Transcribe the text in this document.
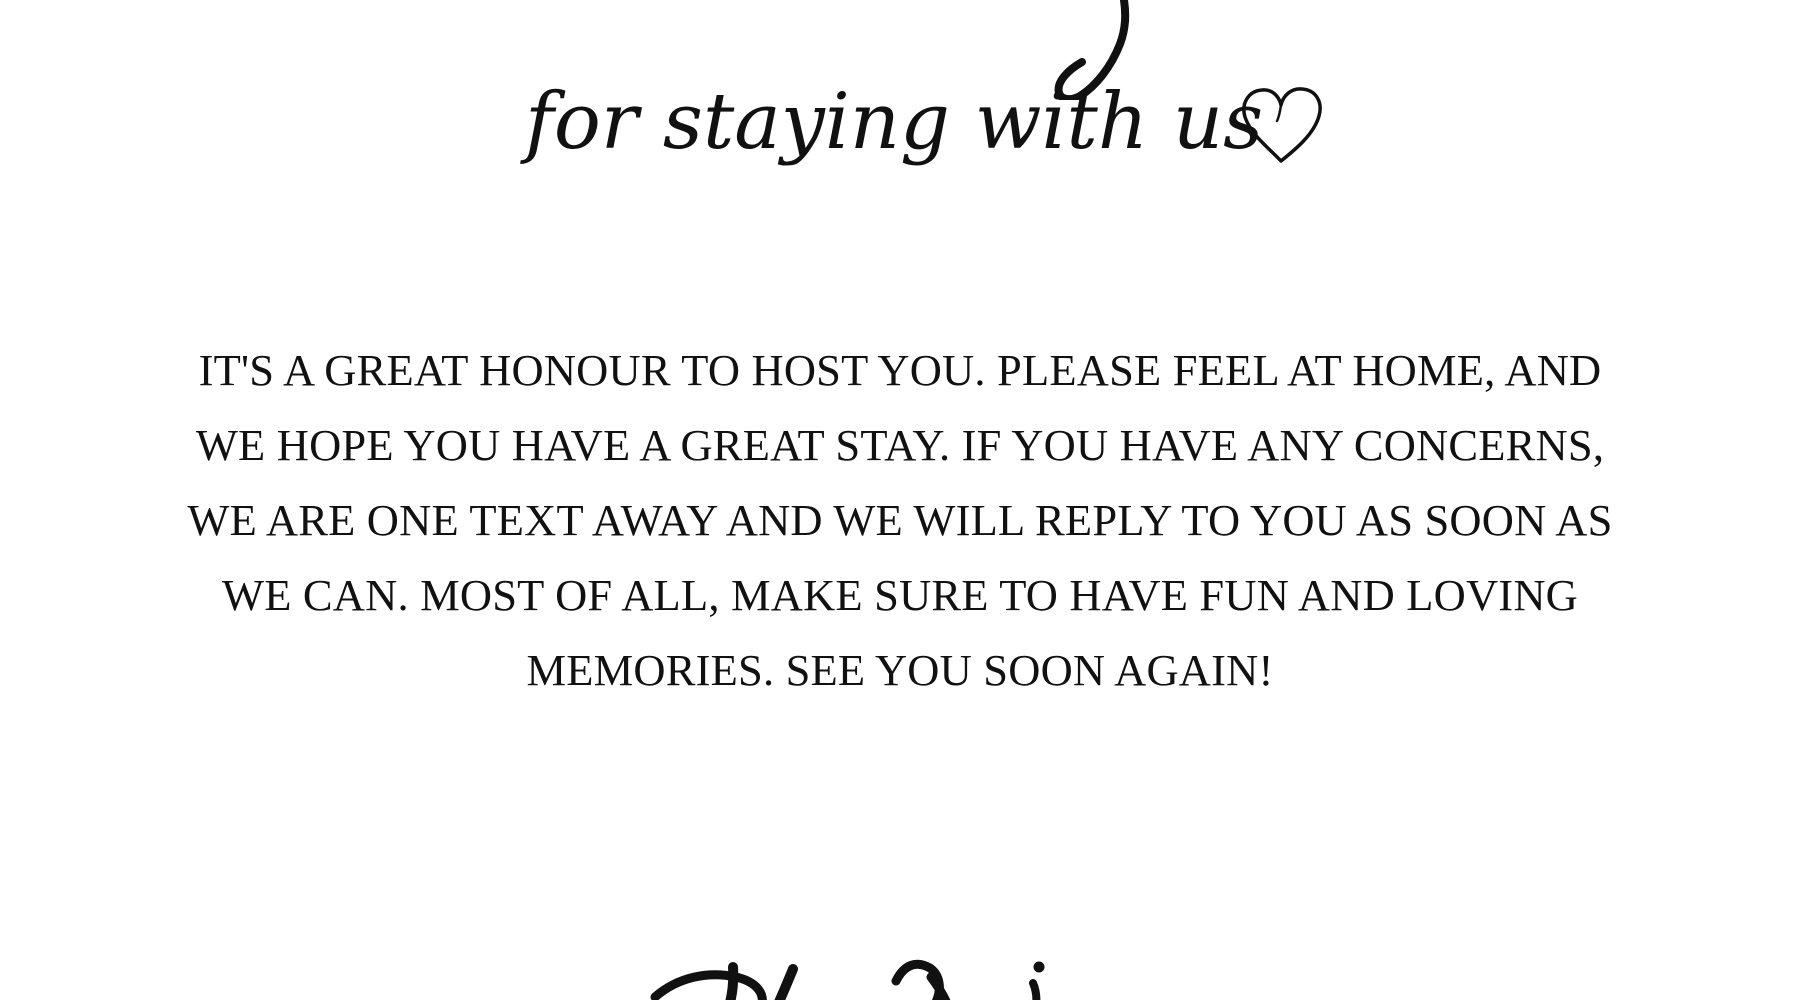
for staying with us
IT'S A GREAT HONOUR TO HOST YOU. PLEASE FEEL AT HOME, AND WE HOPE YOU HAVE A GREAT STAY. IF YOU HAVE ANY CONCERNS, WE ARE ONE TEXT AWAY AND WE WILL REPLY TO YOU AS SOON AS WE CAN. MOST OF ALL, MAKE SURE TO HAVE FUN AND LOVING MEMORIES. SEE YOU SOON AGAIN!
